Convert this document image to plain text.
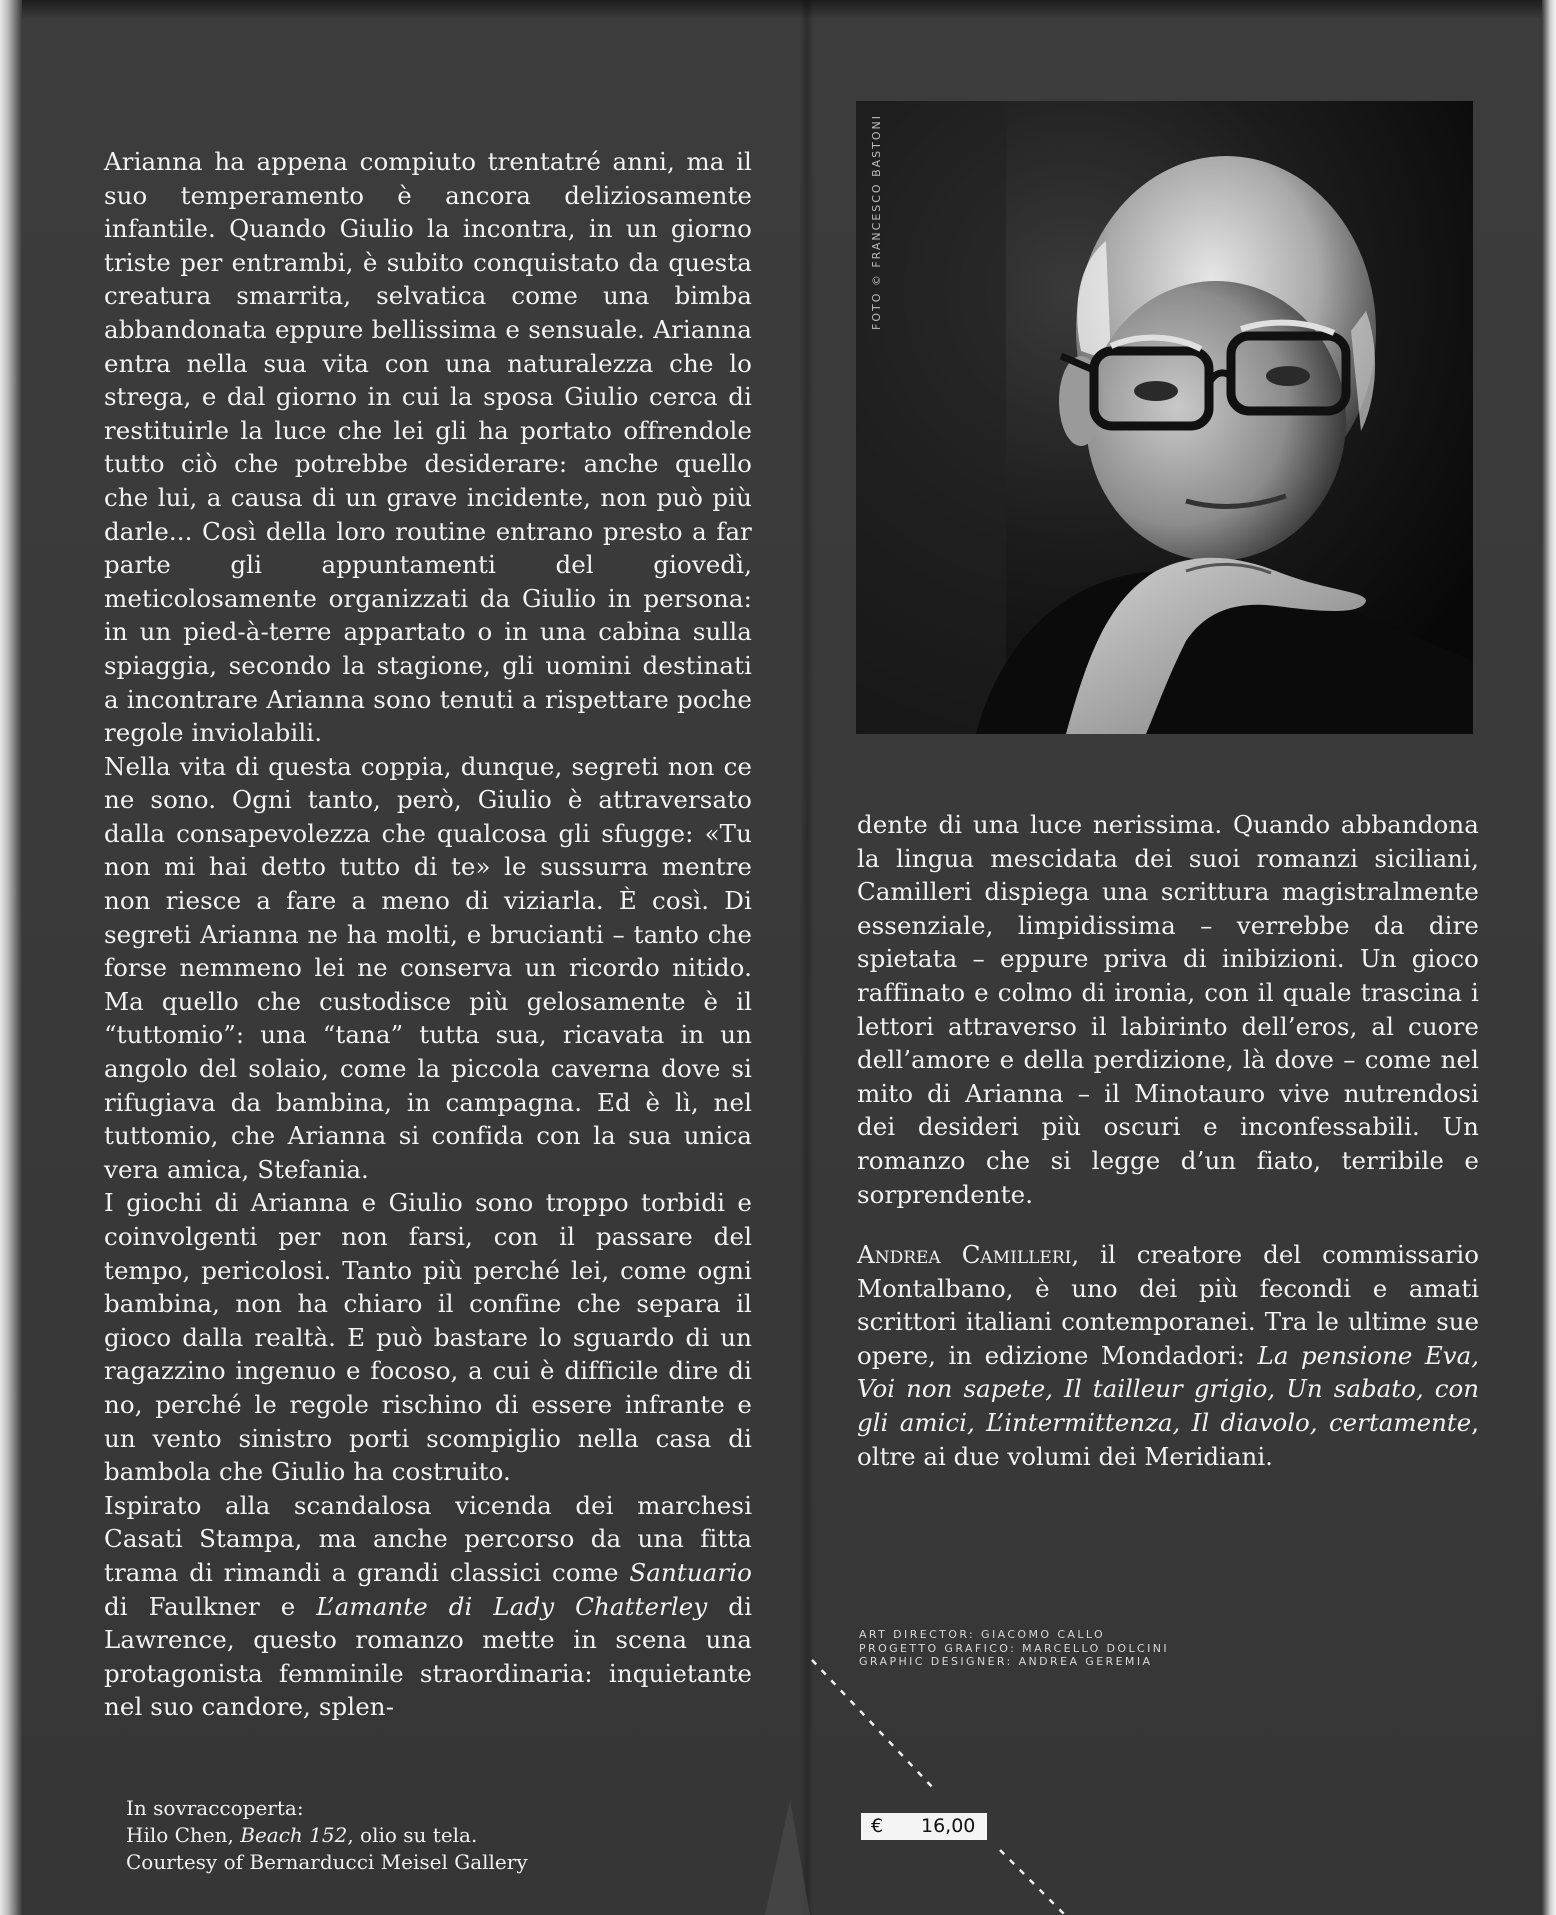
Arianna ha appena compiuto trentatré anni, ma il suo temperamento è ancora deliziosamente infantile. Quando Giulio la incontra, in un giorno triste per entrambi, è subito conquistato da questa creatura smarrita, selvatica come una bimba abbandonata eppure bellissima e sensuale. Arianna entra nella sua vita con una naturalezza che lo strega, e dal giorno in cui la sposa Giulio cerca di restituirle la luce che lei gli ha portato offrendole tutto ciò che potrebbe desiderare: anche quello che lui, a causa di un grave incidente, non può più darle... Così della loro routine entrano presto a far parte gli appuntamenti del giovedì, meticolosamente organizzati da Giulio in persona: in un pied-à-terre appartato o in una cabina sulla spiaggia, secondo la stagione, gli uomini destinati a incontrare Arianna sono tenuti a rispettare poche regole inviolabili.

Nella vita di questa coppia, dunque, segreti non ce ne sono. Ogni tanto, però, Giulio è attraversato dalla consapevolezza che qualcosa gli sfugge: «Tu non mi hai detto tutto di te» le sussurra mentre non riesce a fare a meno di viziarla. È così. Di segreti Arianna ne ha molti, e brucianti – tanto che forse nemmeno lei ne conserva un ricordo nitido. Ma quello che custodisce più gelosamente è il “tuttomio”: una “tana” tutta sua, ricavata in un angolo del solaio, come la piccola caverna dove si rifugiava da bambina, in campagna. Ed è lì, nel tuttomio, che Arianna si confida con la sua unica vera amica, Stefania.

I giochi di Arianna e Giulio sono troppo torbidi e coinvolgenti per non farsi, con il passare del tempo, pericolosi. Tanto più perché lei, come ogni bambina, non ha chiaro il confine che separa il gioco dalla realtà. E può bastare lo sguardo di un ragazzino ingenuo e focoso, a cui è difficile dire di no, perché le regole rischino di essere infrante e un vento sinistro porti scompiglio nella casa di bambola che Giulio ha costruito.

Ispirato alla scandalosa vicenda dei marchesi Casati Stampa, ma anche percorso da una fitta trama di rimandi a grandi classici come Santuario di Faulkner e L’amante di Lady Chatterley di Lawrence, questo romanzo mette in scena una protagonista femminile straordinaria: inquietante nel suo candore, splen-

FOTO © FRANCESCO BASTONI

dente di una luce nerissima. Quando abbandona la lingua mescidata dei suoi romanzi siciliani, Camilleri dispiega una scrittura magistralmente essenziale, limpidissima – verrebbe da dire spietata – eppure priva di inibizioni. Un gioco raffinato e colmo di ironia, con il quale trascina i lettori attraverso il labirinto dell’eros, al cuore dell’amore e della perdizione, là dove – come nel mito di Arianna – il Minotauro vive nutrendosi dei desideri più oscuri e inconfessabili. Un romanzo che si legge d’un fiato, terribile e sorprendente.

Andrea Camilleri, il creatore del commissario Montalbano, è uno dei più fecondi e amati scrittori italiani contemporanei. Tra le ultime sue opere, in edizione Mondadori: La pensione Eva, Voi non sapete, Il tailleur grigio, Un sabato, con gli amici, L’intermittenza, Il diavolo, certamente, oltre ai due volumi dei Meridiani.

ART DIRECTOR: GIACOMO CALLO
PROGETTO GRAFICO: MARCELLO DOLCINI
GRAPHIC DESIGNER: ANDREA GEREMIA
In sovraccoperta:
Hilo Chen, Beach 152, olio su tela.
Courtesy of Bernarducci Meisel Gallery
€ 16,00
